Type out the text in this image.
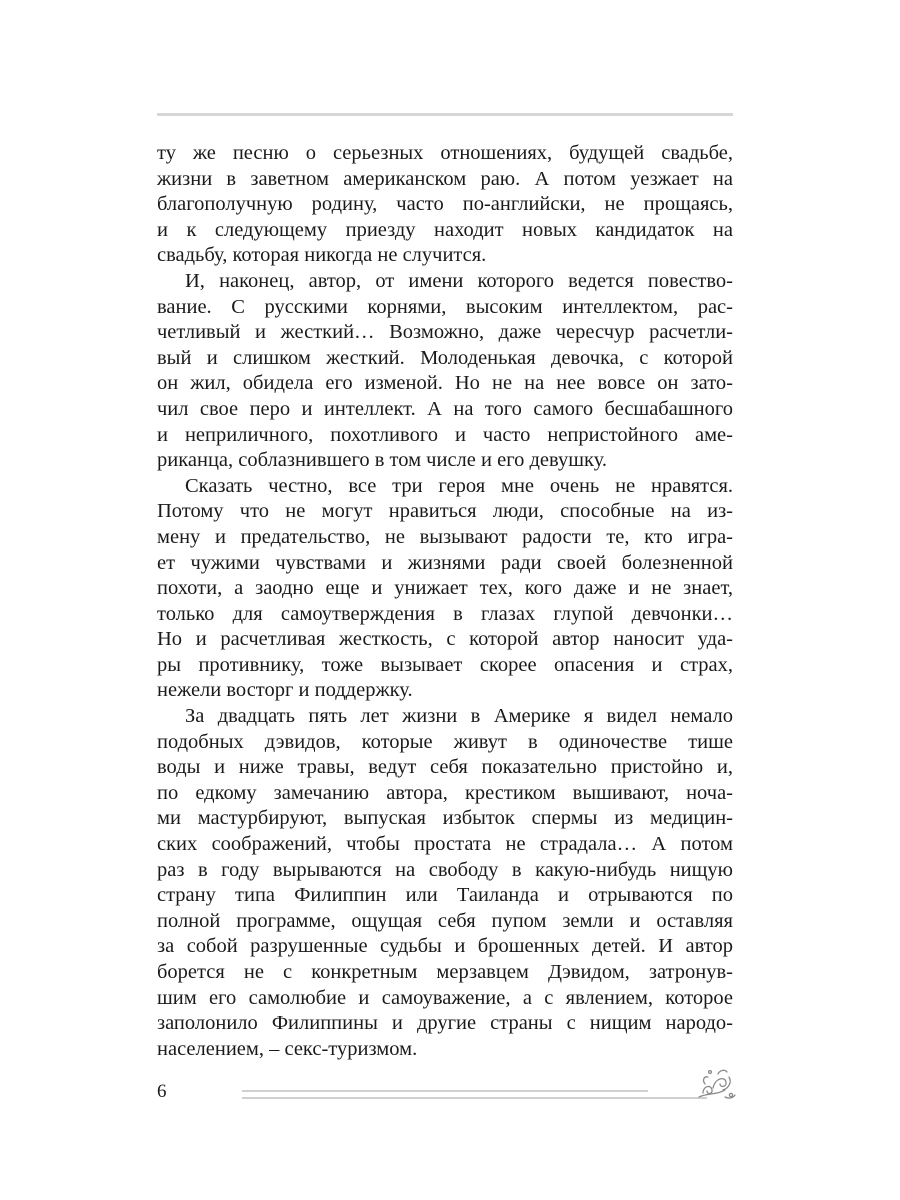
ту же песню о серьезных отношениях, будущей свадьбе,
жизни в заветном американском раю. А потом уезжает на
благополучную родину, часто по-английски, не прощаясь,
и к следующему приезду находит новых кандидаток на
свадьбу, которая никогда не случится.
И, наконец, автор, от имени которого ведется повество-
вание. С русскими корнями, высоким интеллектом, рас-
четливый и жесткий… Возможно, даже чересчур расчетли-
вый и слишком жесткий. Молоденькая девочка, с которой
он жил, обидела его изменой. Но не на нее вовсе он зато-
чил свое перо и интеллект. А на того самого бесшабашного
и неприличного, похотливого и часто непристойного аме-
риканца, соблазнившего в том числе и его девушку.
Сказать честно, все три героя мне очень не нравятся.
Потому что не могут нравиться люди, способные на из-
мену и предательство, не вызывают радости те, кто игра-
ет чужими чувствами и жизнями ради своей болезненной
похоти, а заодно еще и унижает тех, кого даже и не знает,
только для самоутверждения в глазах глупой девчонки…
Но и расчетливая жесткость, с которой автор наносит уда-
ры противнику, тоже вызывает скорее опасения и страх,
нежели восторг и поддержку.
За двадцать пять лет жизни в Америке я видел немало
подобных дэвидов, которые живут в одиночестве тише
воды и ниже травы, ведут себя показательно пристойно и,
по едкому замечанию автора, крестиком вышивают, ноча-
ми мастурбируют, выпуская избыток спермы из медицин-
ских соображений, чтобы простата не страдала… А потом
раз в году вырываются на свободу в какую-нибудь нищую
страну типа Филиппин или Таиланда и отрываются по
полной программе, ощущая себя пупом земли и оставляя
за собой разрушенные судьбы и брошенных детей. И автор
борется не с конкретным мерзавцем Дэвидом, затронув-
шим его самолюбие и самоуважение, а с явлением, которое
заполонило Филиппины и другие страны с нищим народо-
населением, – секс-туризмом.
6
